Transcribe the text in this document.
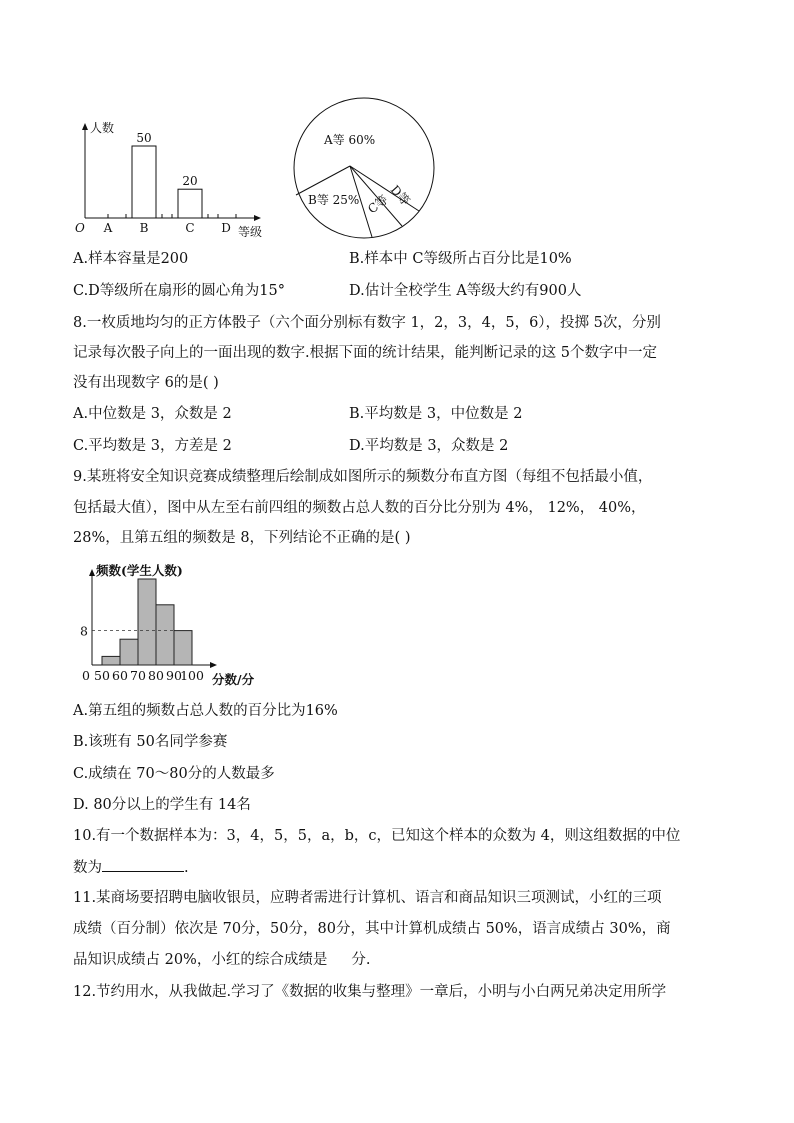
人数
等级
O A B	C D
50
20
A等 60%
B等 25% C等
D等
A.样本容量是200	B.样本中 C等级所占百分比是10%
C.D等级所在扇形的圆心角为15°	D.估计全校学生 A等级大约有900人
8.一枚质地均匀的正方体骰子（六个面分别标有数字 1，2，3，4，5，6），投掷 5次，分别
记录每次骰子向上的一面出现的数字.根据下面的统计结果，能判断记录的这 5个数字中一定
没有出现数字 6的是( )
A.中位数是 3，众数是 2	B.平均数是 3，中位数是 2
C.平均数是 3，方差是 2	D.平均数是 3，众数是 2
9.某班将安全知识竞赛成绩整理后绘制成如图所示的频数分布直方图（每组不包括最小值，
包括最大值），图中从左至右前四组的频数占总人数的百分比分别为 4%， 12%， 40%，
28%，且第五组的频数是 8，下列结论不正确的是( )
频数(学生人数)
分数/分
0 50 60 70 80 90
100
8
A.第五组的频数占总人数的百分比为16%
B.该班有 50名同学参赛
C.成绩在 70～80分的人数最多
D. 80分以上的学生有 14名
10.有一个数据样本为：3，4，5，5，a，b，c，已知这个样本的众数为 4，则这组数据的中位
数为	.
11.某商场要招聘电脑收银员，应聘者需进行计算机、语言和商品知识三项测试，小红的三项
成绩（百分制）依次是 70分，50分，80分，其中计算机成绩占 50%，语言成绩占 30%，商
品知识成绩占 20%，小红的综合成绩是 分.
12.节约用水，从我做起.学习了《数据的收集与整理》一章后，小明与小白两兄弟决定用所学
